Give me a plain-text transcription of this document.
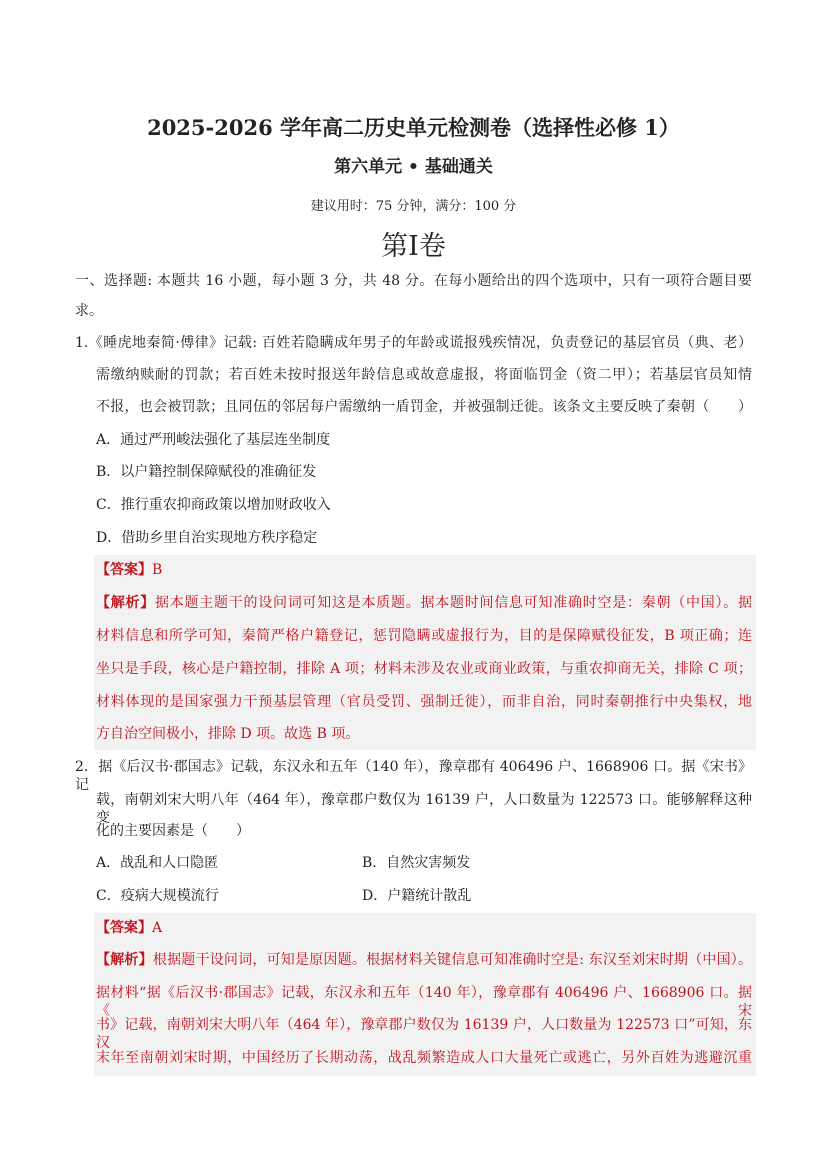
2025-2026 学年高二历史单元检测卷（选择性必修 1）
第六单元 • 基础通关
建议用时：75 分钟，满分：100 分
第Ⅰ卷
一、选择题: 本题共 16 小题，每小题 3 分，共 48 分。在每小题给出的四个选项中，只有一项符合题目要
求。
1.《睡虎地秦简·傅律》记载: 百姓若隐瞒成年男子的年龄或谎报残疾情况，负责登记的基层官员（典、老）
需缴纳赎耐的罚款；若百姓未按时报送年龄信息或故意虚报，将面临罚金（资二甲）；若基层官员知情
不报，也会被罚款；且同伍的邻居每户需缴纳一盾罚金，并被强制迁徙。该条文主要反映了秦朝（　　）
A．通过严刑峻法强化了基层连坐制度
B．以户籍控制保障赋役的准确征发
C．推行重农抑商政策以增加财政收入
D．借助乡里自治实现地方秩序稳定
【答案】B
【解析】据本题主题干的设问词可知这是本质题。据本题时间信息可知准确时空是：秦朝（中国）。据
材料信息和所学可知，秦简严格户籍登记，惩罚隐瞒或虚报行为，目的是保障赋役征发，B 项正确；连
坐只是手段，核心是户籍控制，排除 A 项；材料未涉及农业或商业政策，与重农抑商无关，排除 C 项；
材料体现的是国家强力干预基层管理（官员受罚、强制迁徙），而非自治，同时秦朝推行中央集权，地
方自治空间极小，排除 D 项。故选 B 项。
2．据《后汉书·郡国志》记载，东汉永和五年（140 年），豫章郡有 406496 户、1668906 口。据《宋书》记
载，南朝刘宋大明八年（464 年），豫章郡户数仅为 16139 户，人口数量为 122573 口。能够解释这种变
化的主要因素是（　　）
A．战乱和人口隐匿	B．自然灾害频发
C．疫病大规模流行	D．户籍统计散乱
【答案】A
【解析】根据题干设问词，可知是原因题。根据材料关键信息可知准确时空是: 东汉至刘宋时期（中国）。
据材料“据《后汉书·郡国志》记载，东汉永和五年（140 年），豫章郡有 406496 户、1668906 口。据《宋
书》记载，南朝刘宋大明八年（464 年），豫章郡户数仅为 16139 户，人口数量为 122573 口”可知，东汉
末年至南朝刘宋时期，中国经历了长期动荡，战乱频繁造成人口大量死亡或逃亡，另外百姓为逃避沉重
